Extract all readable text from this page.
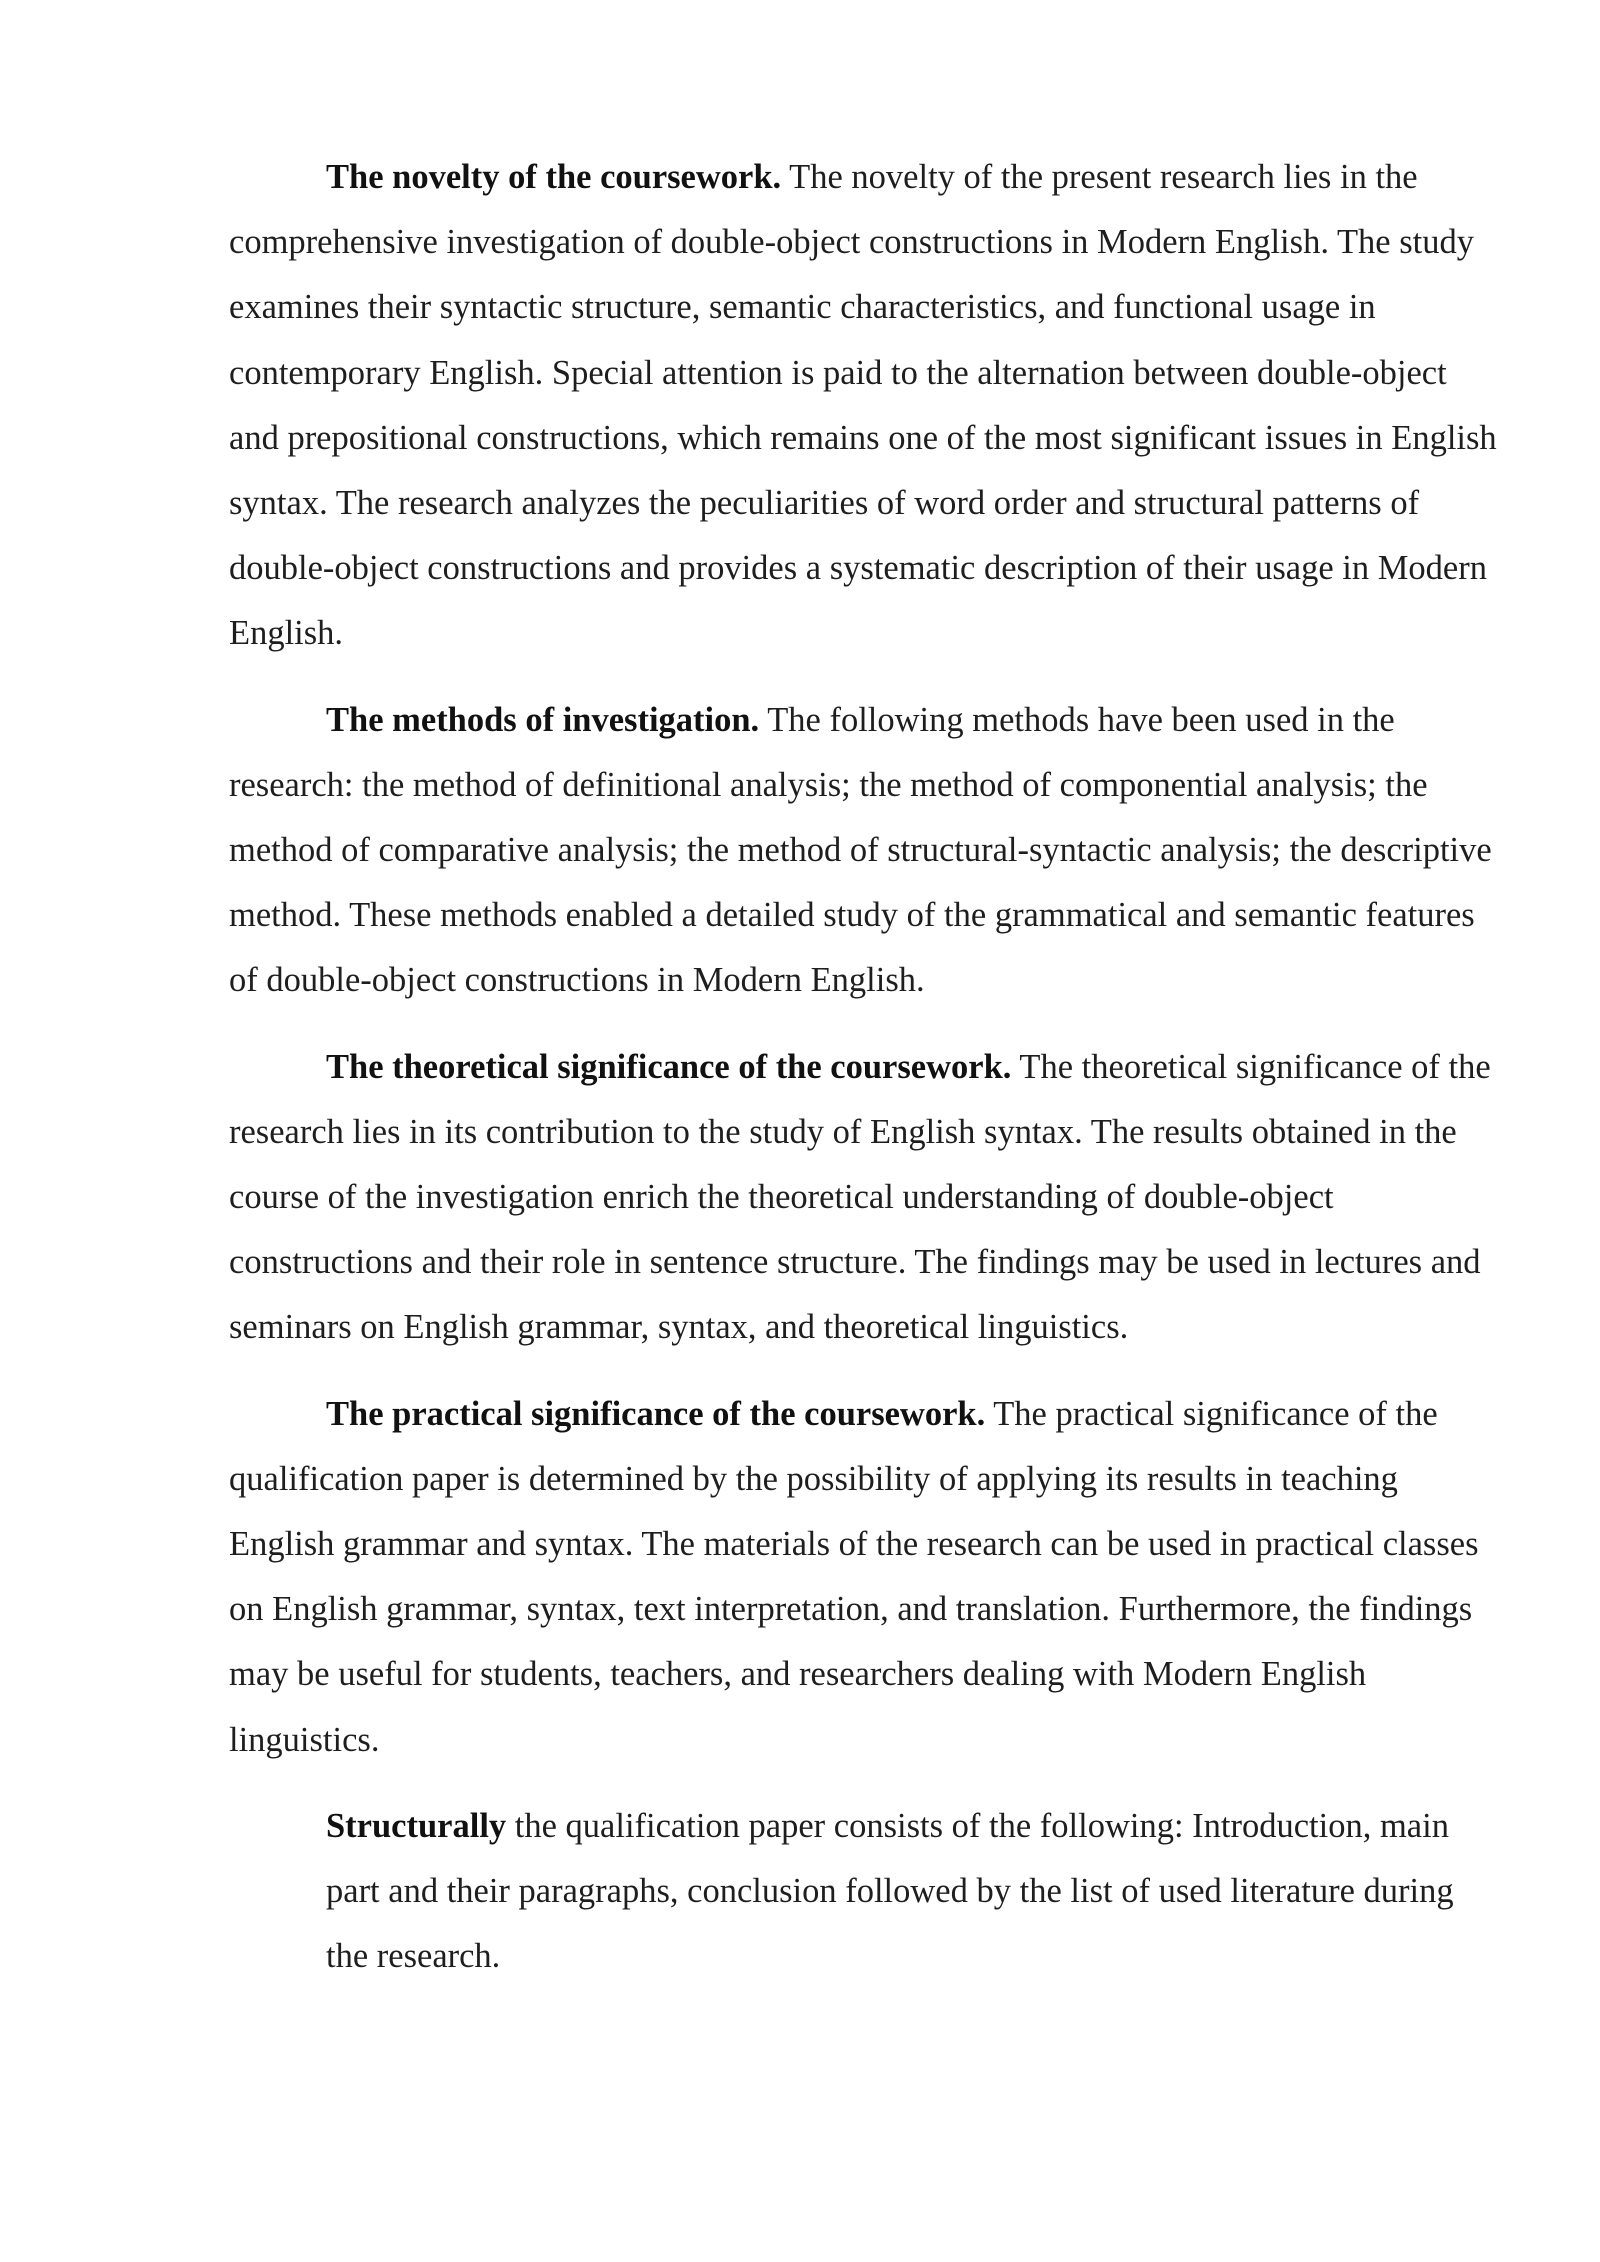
The novelty of the coursework. The novelty of the present research lies in the comprehensive investigation of double-object constructions in Modern English. The study examines their syntactic structure, semantic characteristics, and functional usage in contemporary English. Special attention is paid to the alternation between double-object and prepositional constructions, which remains one of the most significant issues in English syntax. The research analyzes the peculiarities of word order and structural patterns of double-object constructions and provides a systematic description of their usage in Modern English.

The methods of investigation. The following methods have been used in the research: the method of definitional analysis; the method of componential analysis; the method of comparative analysis; the method of structural-syntactic analysis; the descriptive method. These methods enabled a detailed study of the grammatical and semantic features of double-object constructions in Modern English.

The theoretical significance of the coursework. The theoretical significance of the research lies in its contribution to the study of English syntax. The results obtained in the course of the investigation enrich the theoretical understanding of double-object constructions and their role in sentence structure. The findings may be used in lectures and seminars on English grammar, syntax, and theoretical linguistics.

The practical significance of the coursework. The practical significance of the qualification paper is determined by the possibility of applying its results in teaching English grammar and syntax. The materials of the research can be used in practical classes on English grammar, syntax, text interpretation, and translation. Furthermore, the findings may be useful for students, teachers, and researchers dealing with Modern English linguistics.

Structurally the qualification paper consists of the following: Introduction, main part and their paragraphs, conclusion followed by the list of used literature during the research.
